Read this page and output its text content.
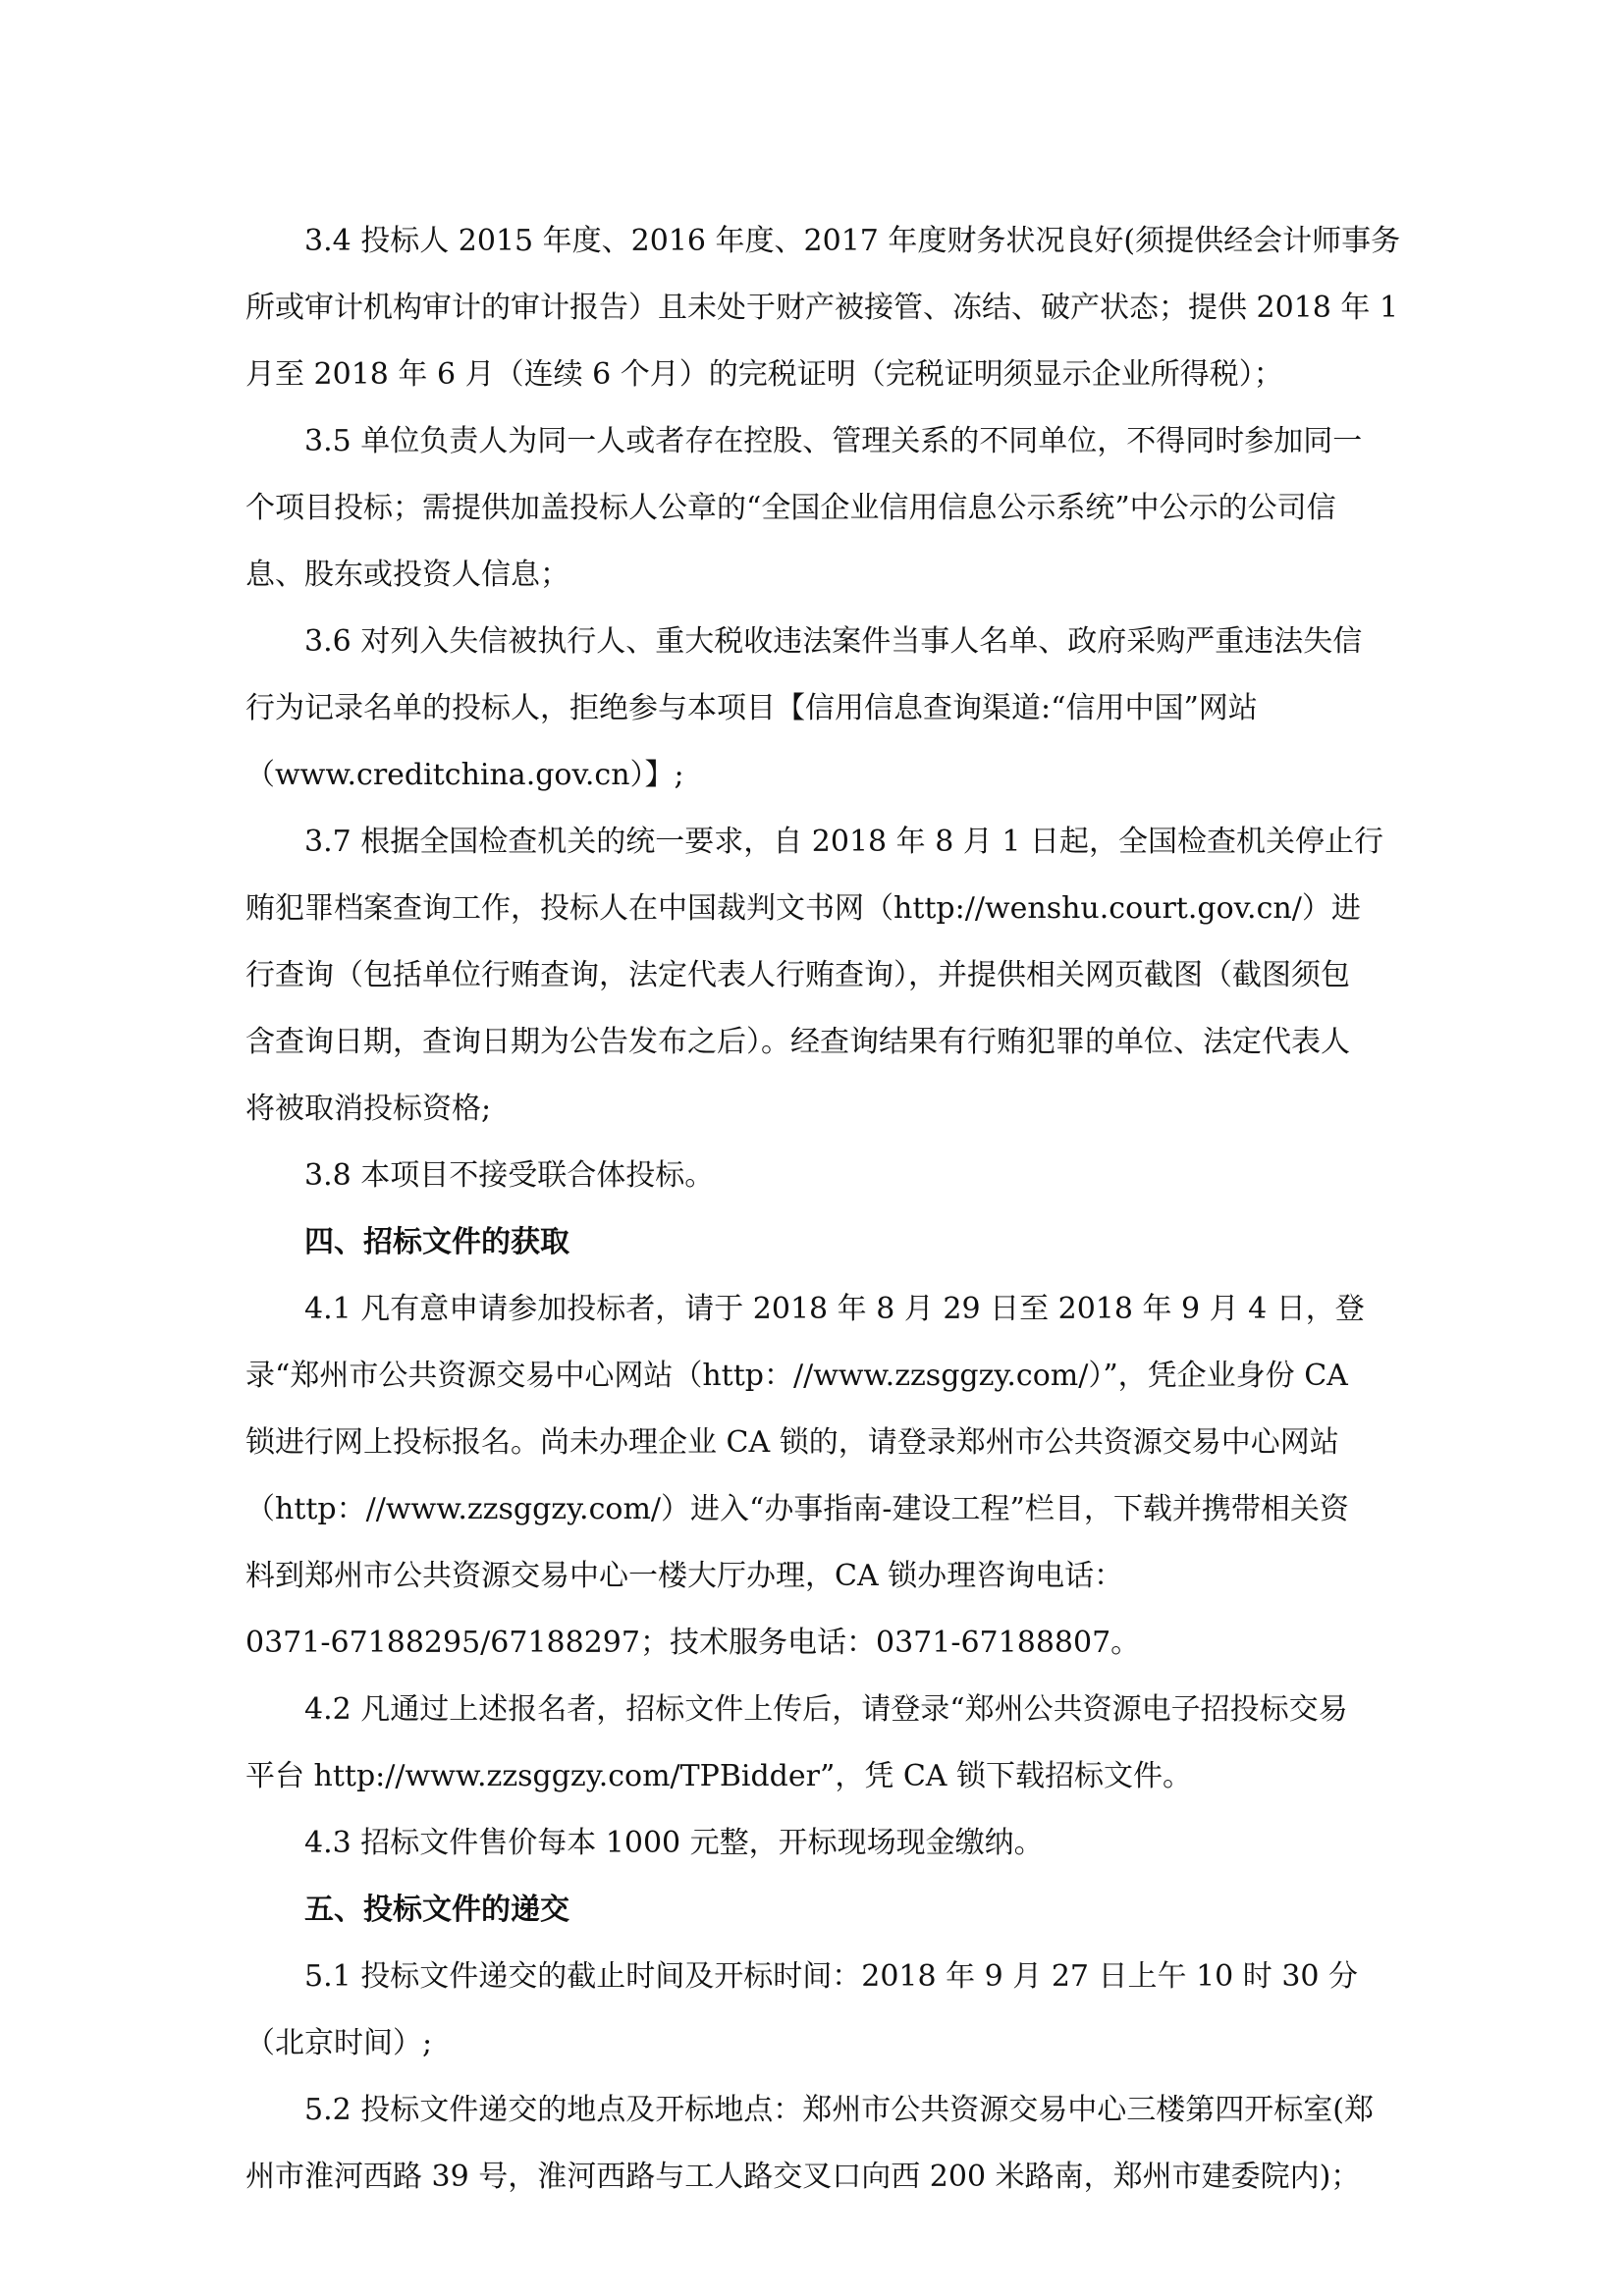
3.4 投标人 2015 年度、2016 年度、2017 年度财务状况良好(须提供经会计师事务
所或审计机构审计的审计报告）且未处于财产被接管、冻结、破产状态；提供 2018 年 1
月至 2018 年 6 月（连续 6 个月）的完税证明（完税证明须显示企业所得税）；
3.5 单位负责人为同一人或者存在控股、管理关系的不同单位，不得同时参加同一
个项目投标；需提供加盖投标人公章的“全国企业信用信息公示系统”中公示的公司信
息、股东或投资人信息；
3.6 对列入失信被执行人、重大税收违法案件当事人名单、政府采购严重违法失信
行为记录名单的投标人，拒绝参与本项目【信用信息查询渠道:“信用中国”网站
（www.creditchina.gov.cn）】;
3.7 根据全国检查机关的统一要求，自 2018 年 8 月 1 日起，全国检查机关停止行
贿犯罪档案查询工作，投标人在中国裁判文书网（http://wenshu.court.gov.cn/）进
行查询（包括单位行贿查询，法定代表人行贿查询），并提供相关网页截图（截图须包
含查询日期，查询日期为公告发布之后）。经查询结果有行贿犯罪的单位、法定代表人
将被取消投标资格;
3.8 本项目不接受联合体投标。
四、招标文件的获取
4.1 凡有意申请参加投标者，请于 2018 年 8 月 29 日至 2018 年 9 月 4 日，登
录“郑州市公共资源交易中心网站（http：//www.zzsggzy.com/）”，凭企业身份 CA
锁进行网上投标报名。尚未办理企业 CA 锁的，请登录郑州市公共资源交易中心网站
（http：//www.zzsggzy.com/）进入“办事指南-建设工程”栏目，下载并携带相关资
料到郑州市公共资源交易中心一楼大厅办理，CA 锁办理咨询电话：
0371-67188295/67188297；技术服务电话：0371-67188807。
4.2 凡通过上述报名者，招标文件上传后，请登录“郑州公共资源电子招投标交易
平台 http://www.zzsggzy.com/TPBidder”，凭 CA 锁下载招标文件。
4.3 招标文件售价每本 1000 元整，开标现场现金缴纳。
五、投标文件的递交
5.1 投标文件递交的截止时间及开标时间：2018 年 9 月 27 日上午 10 时 30 分
（北京时间）;
5.2 投标文件递交的地点及开标地点：郑州市公共资源交易中心三楼第四开标室(郑
州市淮河西路 39 号，淮河西路与工人路交叉口向西 200 米路南，郑州市建委院内)；
